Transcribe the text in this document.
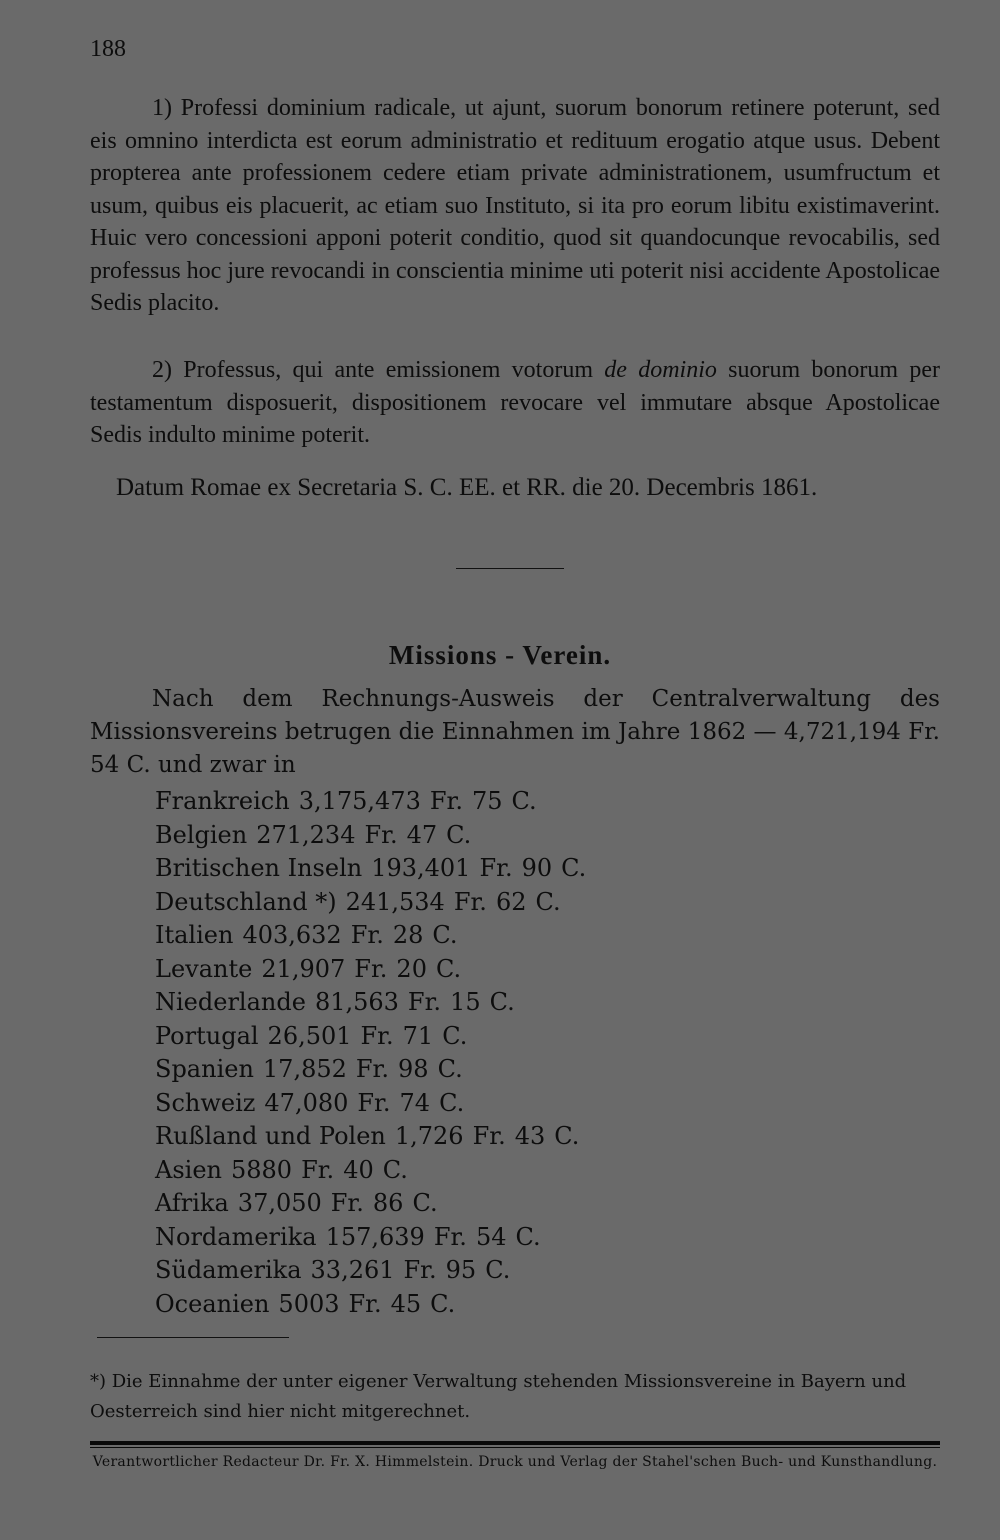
188

1) Professi dominium radicale, ut ajunt, suorum bonorum retinere poterunt, sed eis omnino interdicta est eorum administratio et redituum erogatio atque usus. Debent propterea ante professionem cedere etiam private administrationem, usumfructum et usum, quibus eis placuerit, ac etiam suo Instituto, si ita pro eorum libitu existimaverint. Huic vero concessioni apponi poterit conditio, quod sit quandocunque revocabilis, sed professus hoc jure revocandi in conscientia minime uti poterit nisi accidente Apostolicae Sedis placito.

2) Professus, qui ante emissionem votorum de dominio suorum bonorum per testamentum disposuerit, dispositionem revocare vel immutare absque Apostolicae Sedis indulto minime poterit.

Datum Romae ex Secretaria S. C. EE. et RR. die 20. Decembris 1861.
Missions - Verein.

Nach dem Rechnungs-Ausweis der Centralverwaltung des Missionsvereins betrugen die Einnahmen im Jahre 1862 — 4,721,194 Fr. 54 C. und zwar in

Frankreich 3,175,473 Fr. 75 C.
Belgien 271,234 Fr. 47 C.
Britischen Inseln 193,401 Fr. 90 C.
Deutschland *) 241,534 Fr. 62 C.
Italien 403,632 Fr. 28 C.
Levante 21,907 Fr. 20 C.
Niederlande 81,563 Fr. 15 C.
Portugal 26,501 Fr. 71 C.
Spanien 17,852 Fr. 98 C.
Schweiz 47,080 Fr. 74 C.
Rußland und Polen 1,726 Fr. 43 C.
Asien 5880 Fr. 40 C.
Afrika 37,050 Fr. 86 C.
Nordamerika 157,639 Fr. 54 C.
Südamerika 33,261 Fr. 95 C.
Oceanien 5003 Fr. 45 C.

*) Die Einnahme der unter eigener Verwaltung stehenden Missionsvereine in Bayern und Oesterreich sind hier nicht mitgerechnet.

Verantwortlicher Redacteur Dr. Fr. X. Himmelstein. Druck und Verlag der Stahel'schen Buch- und Kunsthandlung.
